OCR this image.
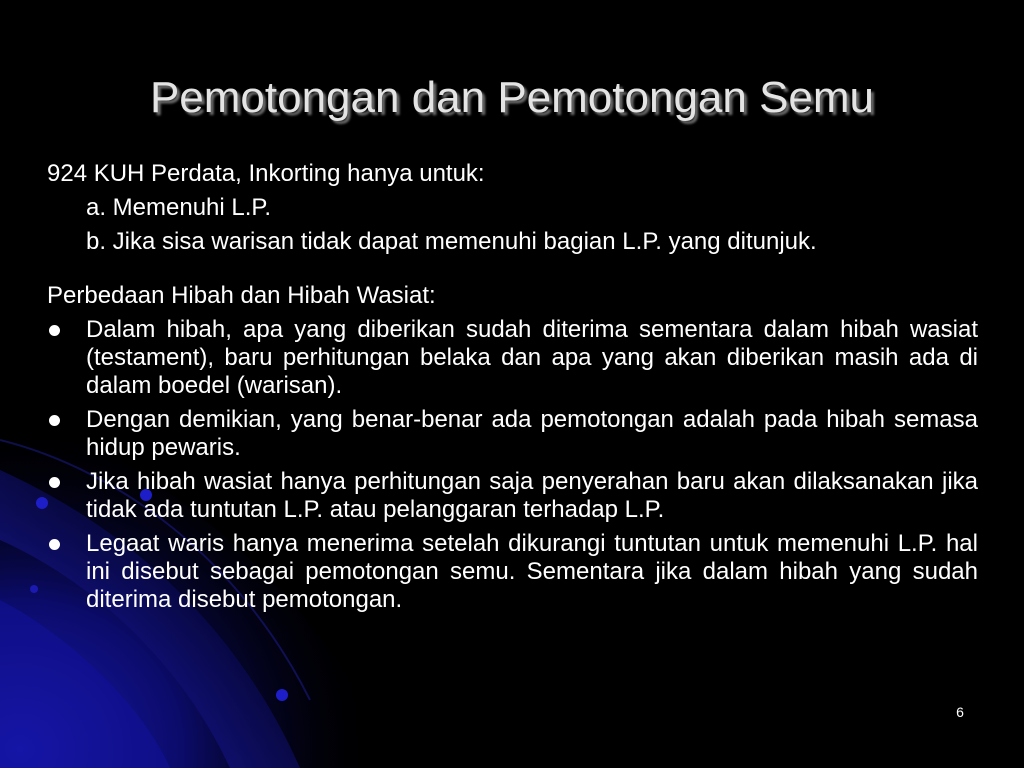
Pemotongan dan Pemotongan Semu

924 KUH Perdata, Inkorting hanya untuk:

a. Memenuhi L.P.

b. Jika sisa warisan tidak dapat memenuhi bagian L.P. yang ditunjuk.

Perbedaan Hibah dan Hibah Wasiat:

Dalam hibah, apa yang diberikan sudah diterima sementara dalam hibah wasiat (testament), baru perhitungan belaka dan apa yang akan diberikan masih ada di dalam boedel (warisan).
Dengan demikian, yang benar-benar ada pemotongan adalah pada hibah semasa hidup pewaris.
Jika hibah wasiat hanya perhitungan saja penyerahan baru akan dilaksanakan jika tidak ada tuntutan L.P. atau pelanggaran terhadap L.P.
Legaat waris hanya menerima setelah dikurangi tuntutan untuk memenuhi L.P. hal ini disebut sebagai pemotongan semu. Sementara jika dalam hibah yang sudah diterima disebut pemotongan.
6
